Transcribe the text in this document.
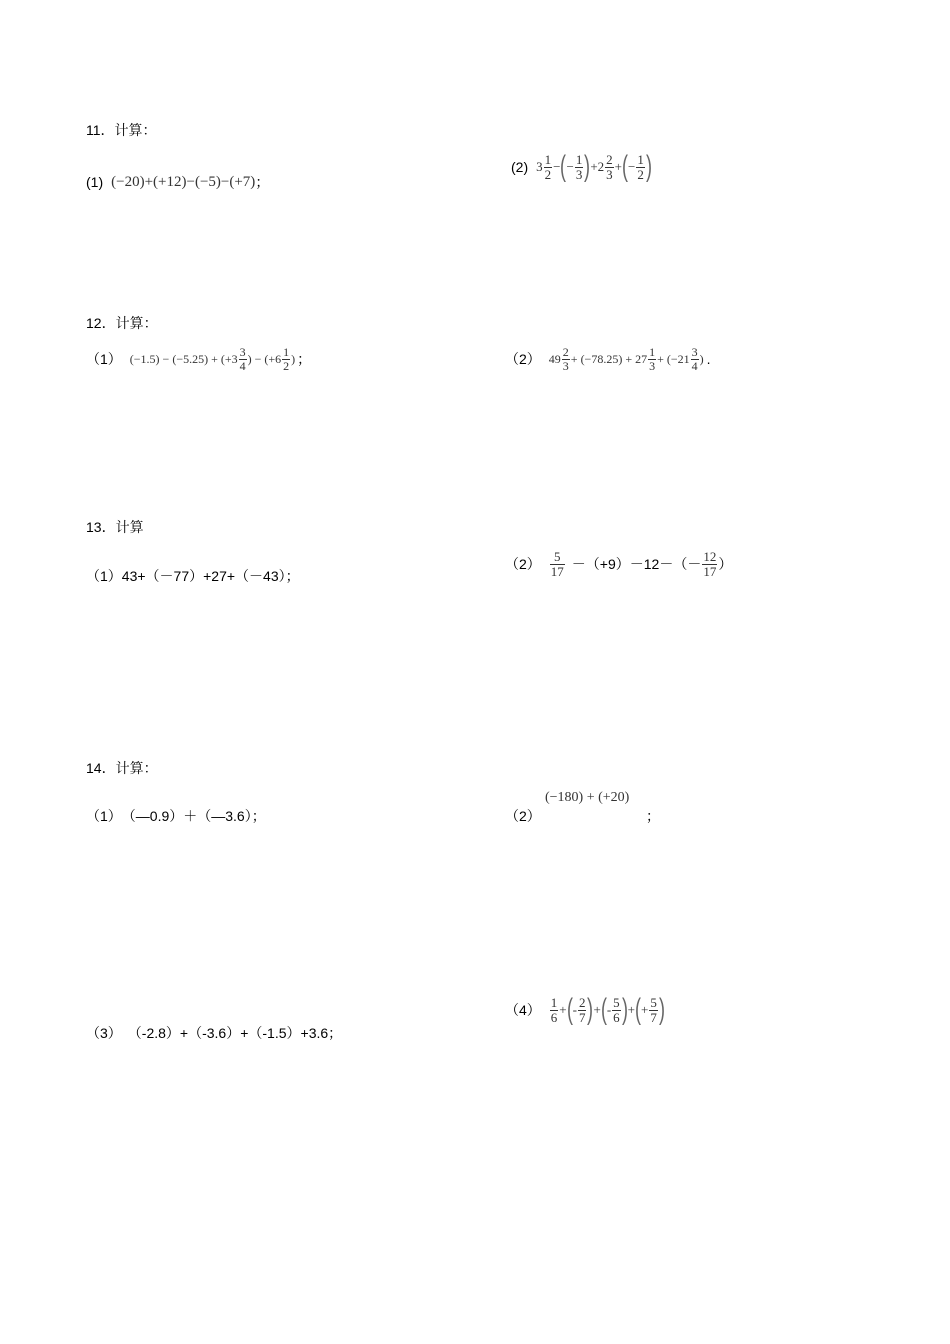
11．计算：
(1) (−20)+(+12)−(−5)−(+7) ；
(2) $3 \frac{1}{2}$ − ( − $\frac{1}{3}$ ) + $2 \frac{2}{3}$ + ( − $\frac{1}{2}$ )
12．计算：
（1） $(-1.5) - (-5.25) + (+3 \frac{3}{4}$ ) − ($+6 \frac{1}{2}$ ) ；	（2） $49 \frac{2}{3} + (-78.25) + 27 \frac{1}{3} + (-21 \frac{3}{4}$ ) .
13．计算
（1） 43+（－77）+27+（－43）；
$(2) \frac{5}{17} -(+9)-12-(- \frac{12}{17}$ ）
14．计算：
（1） （—0.9）＋（—3.6）；	（2）
(−180) + (+20)
；
（3） （-2.8）+（-3.6）+（-1.5）+3.6；
$(4) \frac{1}{6}$ + ( - $\frac{2}{7}$ ) + ( - $\frac{5}{6}$ ) + ( + $\frac{5}{7}$ )
